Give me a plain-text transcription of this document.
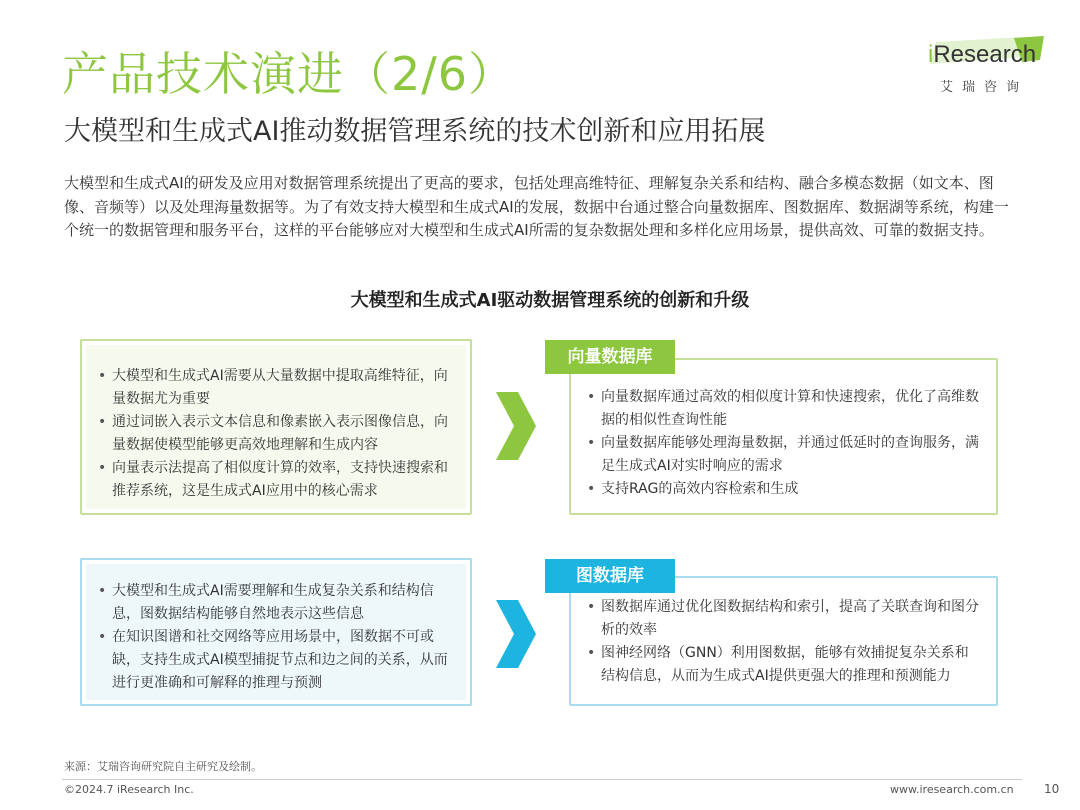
产品技术演进（2/6）
大模型和生成式AI推动数据管理系统的技术创新和应用拓展
iResearch
艾瑞咨询
大模型和生成式AI的研发及应用对数据管理系统提出了更高的要求，包括处理高维特征、理解复杂关系和结构、融合多模态数据（如文本、图像、音频等）以及处理海量数据等。为了有效支持大模型和生成式AI的发展，数据中台通过整合向量数据库、图数据库、数据湖等系统，构建一个统一的数据管理和服务平台，这样的平台能够应对大模型和生成式AI所需的复杂数据处理和多样化应用场景，提供高效、可靠的数据支持。
大模型和生成式AI驱动数据管理系统的创新和升级
• 大模型和生成式AI需要从大量数据中提取高维特征，向量数据尤为重要
• 通过词嵌入表示文本信息和像素嵌入表示图像信息，向量数据使模型能够更高效地理解和生成内容
• 向量表示法提高了相似度计算的效率，支持快速搜索和推荐系统，这是生成式AI应用中的核心需求
• 向量数据库通过高效的相似度计算和快速搜索，优化了高维数据的相似性查询性能
• 向量数据库能够处理海量数据，并通过低延时的查询服务，满足生成式AI对实时响应的需求
• 支持RAG的高效内容检索和生成
向量数据库
• 大模型和生成式AI需要理解和生成复杂关系和结构信息，图数据结构能够自然地表示这些信息
• 在知识图谱和社交网络等应用场景中，图数据不可或缺，支持生成式AI模型捕捉节点和边之间的关系，从而进行更准确和可解释的推理与预测
• 图数据库通过优化图数据结构和索引，提高了关联查询和图分析的效率
• 图神经网络（GNN）利用图数据，能够有效捕捉复杂关系和结构信息，从而为生成式AI提供更强大的推理和预测能力
图数据库
来源：艾瑞咨询研究院自主研究及绘制。
©2024.7 iResearch Inc.	www.iresearch.com.cn	10
